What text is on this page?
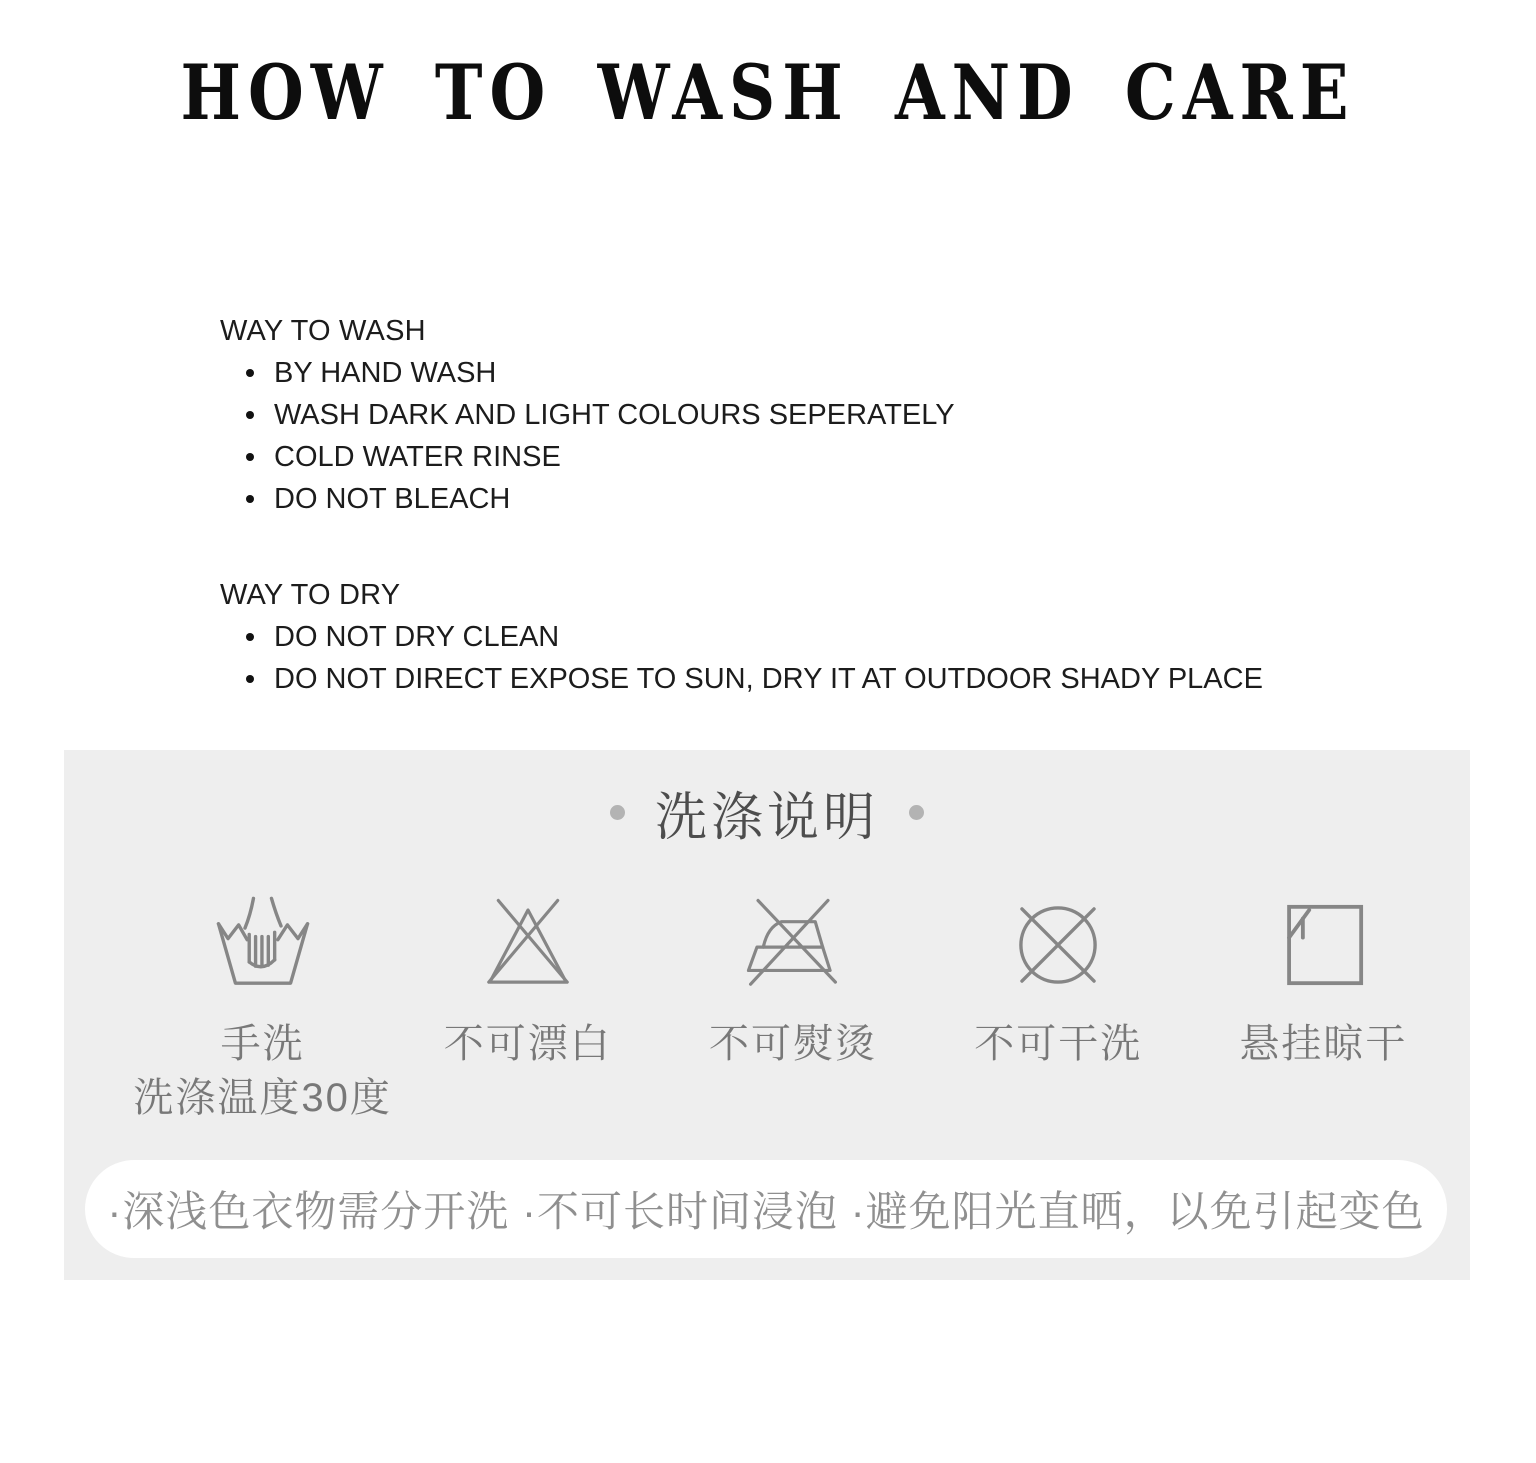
HOW TO WASH AND CARE

WAY TO WASH

BY HAND WASH
WASH DARK AND LIGHT COLOURS SEPERATELY
COLD WATER RINSE
DO NOT BLEACH

WAY TO DRY

DO NOT DRY CLEAN
DO NOT DIRECT EXPOSE TO SUN, DRY IT AT OUTDOOR SHADY PLACE
洗涤说明
手洗
洗涤温度30度
不可漂白 不可熨烫 不可干洗 悬挂晾干
·深浅色衣物需分开洗 ·不可长时间浸泡 ·避免阳光直晒，以免引起变色
